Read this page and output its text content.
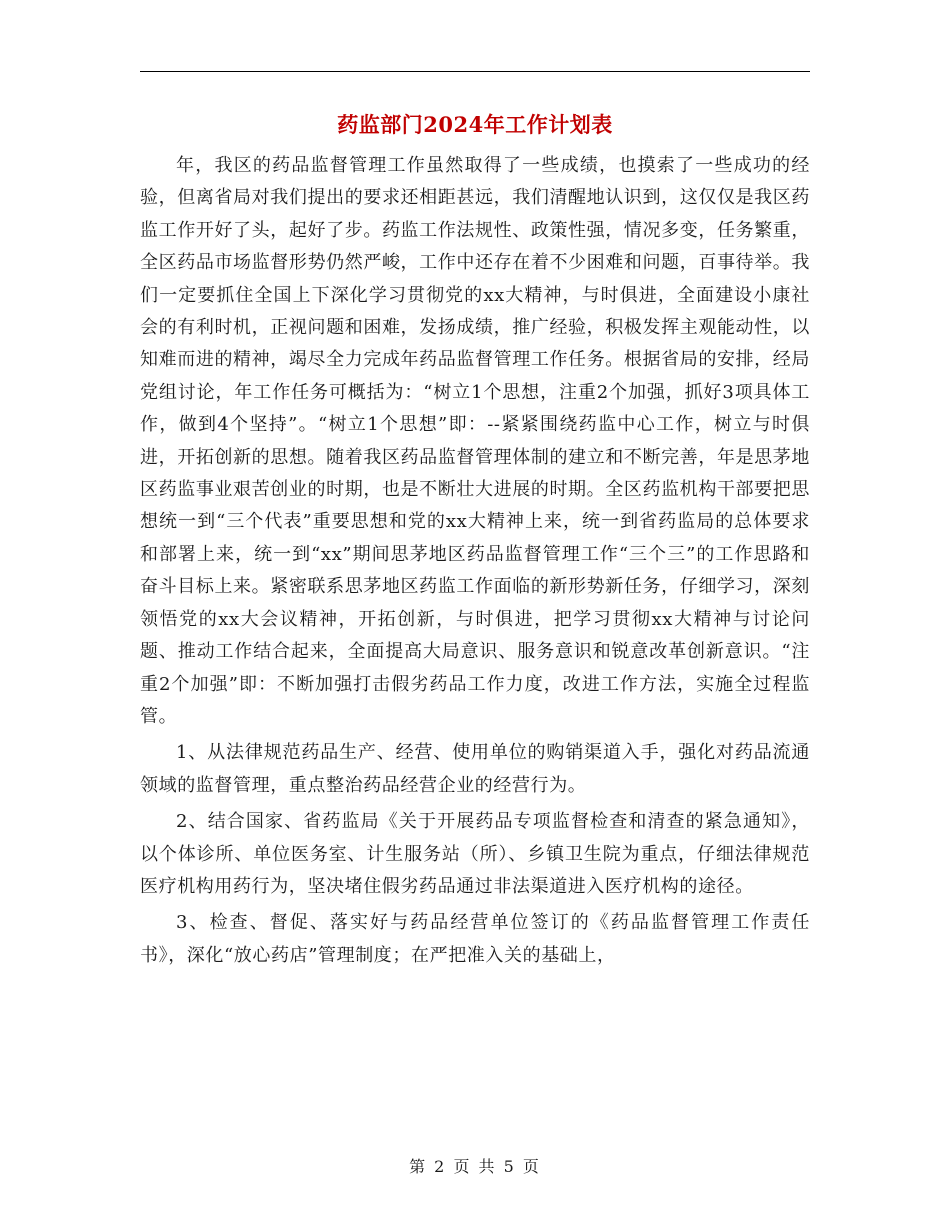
药监部门2024年工作计划表

年，我区的药品监督管理工作虽然取得了一些成绩，也摸索了一些成功的经验，但离省局对我们提出的要求还相距甚远，我们清醒地认识到，这仅仅是我区药监工作开好了头，起好了步。药监工作法规性、政策性强，情况多变，任务繁重，全区药品市场监督形势仍然严峻，工作中还存在着不少困难和问题，百事待举。我们一定要抓住全国上下深化学习贯彻党的xx大精神，与时俱进，全面建设小康社会的有利时机，正视问题和困难，发扬成绩，推广经验，积极发挥主观能动性，以知难而进的精神，竭尽全力完成年药品监督管理工作任务。根据省局的安排，经局党组讨论，年工作任务可概括为：“树立1个思想，注重2个加强，抓好3项具体工作，做到4个坚持”。“树立1个思想”即：--紧紧围绕药监中心工作，树立与时俱进，开拓创新的思想。随着我区药品监督管理体制的建立和不断完善，年是思茅地区药监事业艰苦创业的时期，也是不断壮大进展的时期。全区药监机构干部要把思想统一到“三个代表”重要思想和党的xx大精神上来，统一到省药监局的总体要求和部署上来，统一到“xx”期间思茅地区药品监督管理工作“三个三”的工作思路和奋斗目标上来。紧密联系思茅地区药监工作面临的新形势新任务，仔细学习，深刻领悟党的xx大会议精神，开拓创新，与时俱进，把学习贯彻xx大精神与讨论问题、推动工作结合起来，全面提高大局意识、服务意识和锐意改革创新意识。“注重2个加强”即：不断加强打击假劣药品工作力度，改进工作方法，实施全过程监管。

1、从法律规范药品生产、经营、使用单位的购销渠道入手，强化对药品流通领域的监督管理，重点整治药品经营企业的经营行为。

2、结合国家、省药监局《关于开展药品专项监督检查和清查的紧急通知》，以个体诊所、单位医务室、计生服务站（所）、乡镇卫生院为重点，仔细法律规范医疗机构用药行为，坚决堵住假劣药品通过非法渠道进入医疗机构的途径。

3、检查、督促、落实好与药品经营单位签订的《药品监督管理工作责任书》，深化“放心药店”管理制度；在严把准入关的基础上，

第 2 页 共 5 页
